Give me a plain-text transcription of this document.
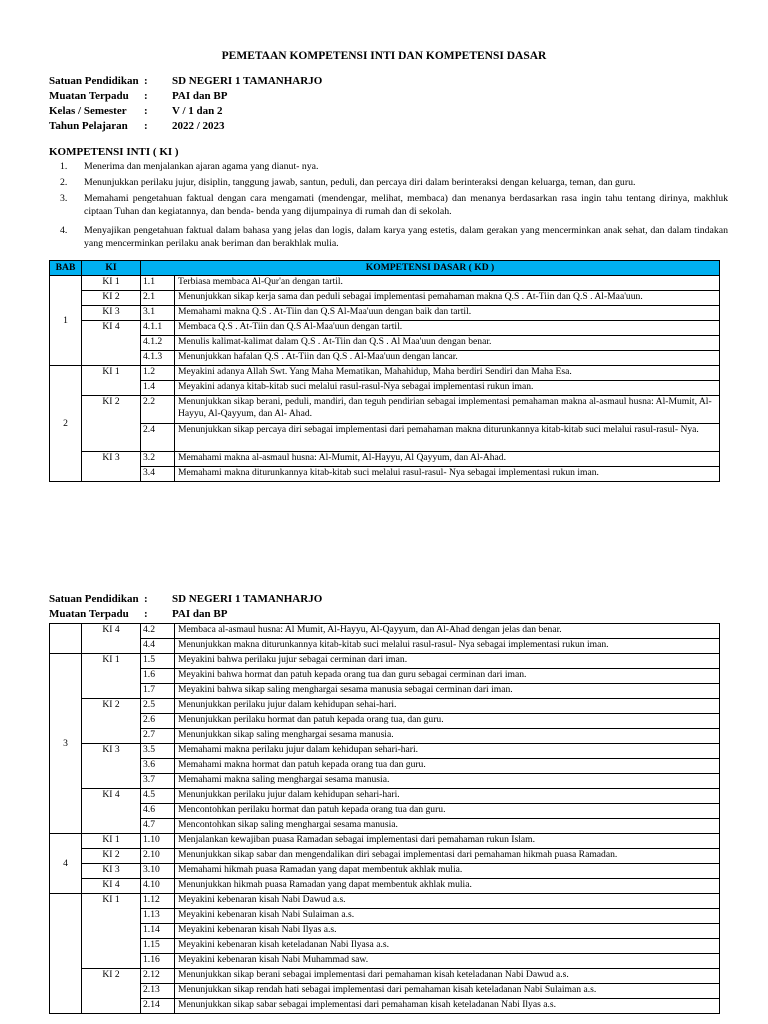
PEMETAAN KOMPETENSI INTI DAN KOMPETENSI DASAR
Satuan Pendidikan : SD NEGERI 1 TAMANHARJO
Muatan Terpadu : PAI dan BP
Kelas / Semester : V / 1 dan 2
Tahun Pelajaran : 2022 / 2023
KOMPETENSI INTI ( KI )
1. Menerima dan menjalankan ajaran agama yang dianut- nya.
2. Menunjukkan perilaku jujur, disiplin, tanggung jawab, santun, peduli, dan percaya diri dalam berinteraksi dengan keluarga, teman, dan guru.
3. Memahami pengetahuan faktual dengan cara mengamati (mendengar, melihat, membaca) dan menanya berdasarkan rasa ingin tahu tentang dirinya, makhluk ciptaan Tuhan dan kegiatannya, dan benda- benda yang dijumpainya di rumah dan di sekolah.
4. Menyajikan pengetahuan faktual dalam bahasa yang jelas dan logis, dalam karya yang estetis, dalam gerakan yang mencerminkan anak sehat, dan dalam tindakan yang mencerminkan perilaku anak beriman dan berakhlak mulia.
BAB	KI	KOMPETENSI DASAR ( KD )	
1	KI 1	1.1	Terbiasa membaca Al-Qur'an dengan tartil.
	KI 2	2.1	Menunjukkan sikap kerja sama dan peduli sebagai implementasi pemahaman makna Q.S . At-Tiin dan Q.S . Al-Maa'uun.
	KI 3	3.1	Memahami makna Q.S . At-Tiin dan Q.S Al-Maa'uun dengan baik dan tartil.
	KI 4	4.1.1	Membaca Q.S . At-Tiin dan Q.S Al-Maa'uun dengan tartil.
		4.1.2	Menulis kalimat-kalimat dalam Q.S . At-Tiin dan Q.S . Al Maa'uun dengan benar.
		4.1.3	Menunjukkan hafalan Q.S . At-Tiin dan Q.S . Al-Maa'uun dengan lancar.
2	KI 1	1.2	Meyakini adanya Allah Swt. Yang Maha Mematikan, Mahahidup, Maha berdiri Sendiri dan Maha Esa.
		1.4	Meyakini adanya kitab-kitab suci melalui rasul-rasul-Nya sebagai implementasi rukun iman.
	KI 2	2.2	Menunjukkan sikap berani, peduli, mandiri, dan teguh pendirian sebagai implementasi pemahaman makna al-asmaul husna: Al-Mumit, Al-Hayyu, Al-Qayyum, dan Al- Ahad.
		2.4	Menunjukkan sikap percaya diri sebagai implementasi dari pemahaman makna diturunkannya kitab-kitab suci melalui rasul-rasul- Nya.
	KI 3	3.2	Memahami makna al-asmaul husna: Al-Mumit, Al-Hayyu, Al Qayyum, dan Al-Ahad.
		3.4	Memahami makna diturunkannya kitab-kitab suci melalui rasul-rasul- Nya sebagai implementasi rukun iman.
Satuan Pendidikan : SD NEGERI 1 TAMANHARJO
Muatan Terpadu : PAI dan BP
	KI 4	4.2	Membaca al-asmaul husna: Al Mumit, Al-Hayyu, Al-Qayyum, dan Al-Ahad dengan jelas dan benar.
		4.4	Menunjukkan makna diturunkannya kitab-kitab suci melalui rasul-rasul- Nya sebagai implementasi rukun iman.
3	KI 1	1.5	Meyakini bahwa perilaku jujur sebagai cerminan dari iman.
		1.6	Meyakini bahwa hormat dan patuh kepada orang tua dan guru sebagai cerminan dari iman.
		1.7	Meyakini bahwa sikap saling menghargai sesama manusia sebagai cerminan dari iman.
	KI 2	2.5	Menunjukkan perilaku jujur dalam kehidupan sehai-hari.
		2.6	Menunjukkan perilaku hormat dan patuh kepada orang tua, dan guru.
		2.7	Menunjukkan sikap saling menghargai sesama manusia.
	KI 3	3.5	Memahami makna perilaku jujur dalam kehidupan sehari-hari.
		3.6	Memahami makna hormat dan patuh kepada orang tua dan guru.
		3.7	Memahami makna saling menghargai sesama manusia.
	KI 4	4.5	Menunjukkan perilaku jujur dalam kehidupan sehari-hari.
		4.6	Mencontohkan perilaku hormat dan patuh kepada orang tua dan guru.
		4.7	Mencontohkan sikap saling menghargai sesama manusia.
4	KI 1	1.10	Menjalankan kewajiban puasa Ramadan sebagai implementasi dari pemahaman rukun Islam.
	KI 2	2.10	Menunjukkan sikap sabar dan mengendalikan diri sebagai implementasi dari pemahaman hikmah puasa Ramadan.
	KI 3	3.10	Memahami hikmah puasa Ramadan yang dapat membentuk akhlak mulia.
	KI 4	4.10	Menunjukkan hikmah puasa Ramadan yang dapat membentuk akhlak mulia.
	KI 1	1.12	Meyakini kebenaran kisah Nabi Dawud a.s.
		1.13	Meyakini kebenaran kisah Nabi Sulaiman a.s.
		1.14	Meyakini kebenaran kisah Nabi Ilyas a.s.
		1.15	Meyakini kebenaran kisah keteladanan Nabi Ilyasa a.s.
		1.16	Meyakini kebenaran kisah Nabi Muhammad saw.
	KI 2	2.12	Menunjukkan sikap berani sebagai implementasi dari pemahaman kisah keteladanan Nabi Dawud a.s.
		2.13	Menunjukkan sikap rendah hati sebagai implementasi dari pemahaman kisah keteladanan Nabi Sulaiman a.s.
		2.14	Menunjukkan sikap sabar sebagai implementasi dari pemahaman kisah keteladanan Nabi Ilyas a.s.
